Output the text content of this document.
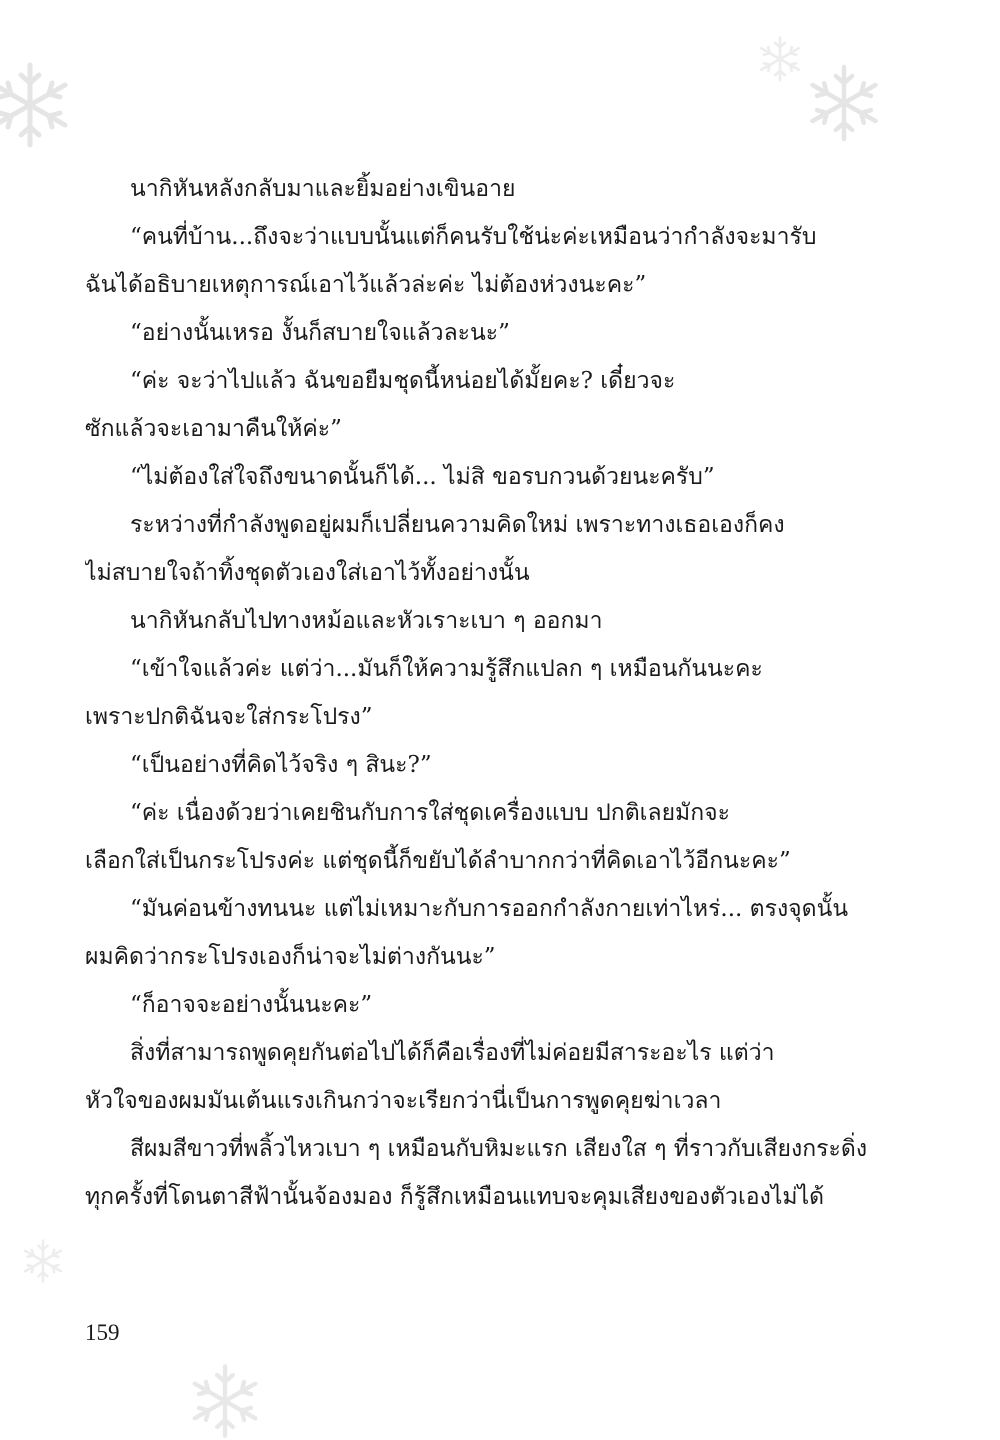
นากิหันหลังกลับมาและยิ้มอย่างเขินอาย
“คนที่บ้าน...ถึงจะว่าแบบนั้นแต่ก็คนรับใช้น่ะค่ะเหมือนว่ากำลังจะมารับ
ฉันได้อธิบายเหตุการณ์เอาไว้แล้วล่ะค่ะ ไม่ต้องห่วงนะคะ”
“อย่างนั้นเหรอ งั้นก็สบายใจแล้วละนะ”
“ค่ะ จะว่าไปแล้ว ฉันขอยืมชุดนี้หน่อยได้มั้ยคะ? เดี๋ยวจะ
ซักแล้วจะเอามาคืนให้ค่ะ”
“ไม่ต้องใส่ใจถึงขนาดนั้นก็ได้... ไม่สิ ขอรบกวนด้วยนะครับ”
ระหว่างที่กำลังพูดอยู่ผมก็เปลี่ยนความคิดใหม่ เพราะทางเธอเองก็คง
ไม่สบายใจถ้าทิ้งชุดตัวเองใส่เอาไว้ทั้งอย่างนั้น
นากิหันกลับไปทางหม้อและหัวเราะเบา ๆ ออกมา
“เข้าใจแล้วค่ะ แต่ว่า...มันก็ให้ความรู้สึกแปลก ๆ เหมือนกันนะคะ
เพราะปกติฉันจะใส่กระโปรง”
“เป็นอย่างที่คิดไว้จริง ๆ สินะ?”
“ค่ะ เนื่องด้วยว่าเคยชินกับการใส่ชุดเครื่องแบบ ปกติเลยมักจะ
เลือกใส่เป็นกระโปรงค่ะ แต่ชุดนี้ก็ขยับได้ลำบากกว่าที่คิดเอาไว้อีกนะคะ”
“มันค่อนข้างทนนะ แต่ไม่เหมาะกับการออกกำลังกายเท่าไหร่... ตรงจุดนั้น
ผมคิดว่ากระโปรงเองก็น่าจะไม่ต่างกันนะ”
“ก็อาจจะอย่างนั้นนะคะ”
สิ่งที่สามารถพูดคุยกันต่อไปได้ก็คือเรื่องที่ไม่ค่อยมีสาระอะไร แต่ว่า
หัวใจของผมมันเต้นแรงเกินกว่าจะเรียกว่านี่เป็นการพูดคุยฆ่าเวลา
สีผมสีขาวที่พลิ้วไหวเบา ๆ เหมือนกับหิมะแรก เสียงใส ๆ ที่ราวกับเสียงกระดิ่ง
ทุกครั้งที่โดนตาสีฟ้านั้นจ้องมอง ก็รู้สึกเหมือนแทบจะคุมเสียงของตัวเองไม่ได้
159
